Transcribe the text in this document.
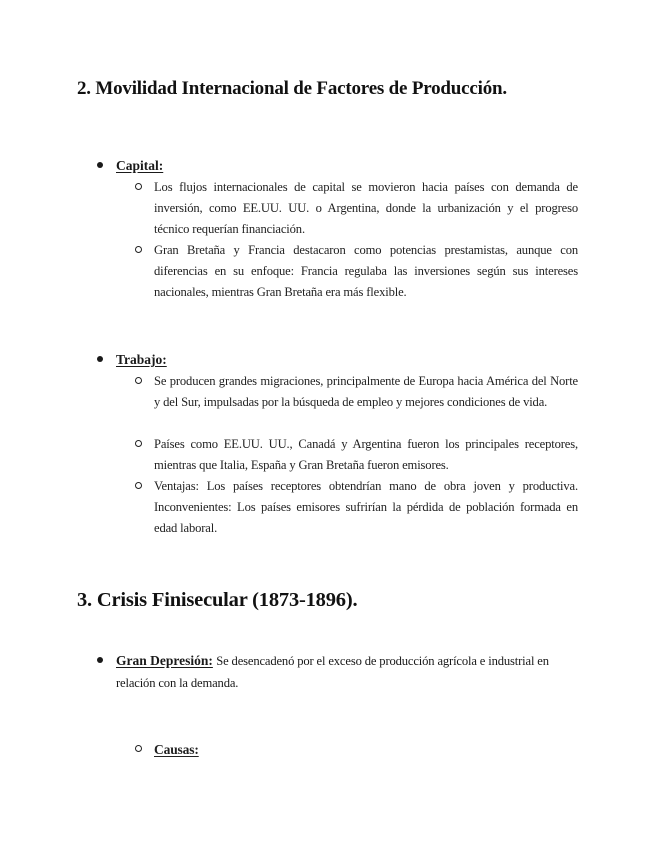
2. Movilidad Internacional de Factores de Producción.
Capital:
Los flujos internacionales de capital se movieron hacia países con demanda de inversión, como EE.UU. UU. o Argentina, donde la urbanización y el progreso técnico requerían financiación.
Gran Bretaña y Francia destacaron como potencias prestamistas, aunque con diferencias en su enfoque: Francia regulaba las inversiones según sus intereses nacionales, mientras Gran Bretaña era más flexible.
Trabajo:
Se producen grandes migraciones, principalmente de Europa hacia América del Norte y del Sur, impulsadas por la búsqueda de empleo y mejores condiciones de vida.
Países como EE.UU. UU., Canadá y Argentina fueron los principales receptores, mientras que Italia, España y Gran Bretaña fueron emisores.
Ventajas: Los países receptores obtendrían mano de obra joven y productiva. Inconvenientes: Los países emisores sufrirían la pérdida de población formada en edad laboral.
3. Crisis Finisecular (1873-1896).
Gran Depresión: Se desencadenó por el exceso de producción agrícola e industrial en relación con la demanda.
Causas:
